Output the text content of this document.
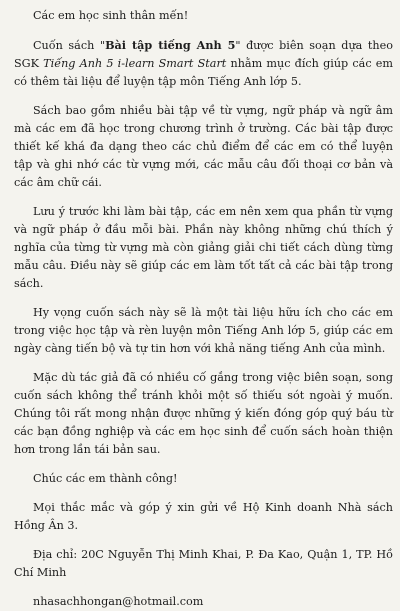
Các em học sinh thân mến!

Cuốn sách "Bài tập tiếng Anh 5" được biên soạn dựa theo SGK Tiếng Anh 5 i-learn Smart Start nhằm mục đích giúp các em có thêm tài liệu để luyện tập môn Tiếng Anh lớp 5.

Sách bao gồm nhiều bài tập về từ vựng, ngữ pháp và ngữ âm mà các em đã học trong chương trình ở trường. Các bài tập được thiết kế khá đa dạng theo các chủ điểm để các em có thể luyện tập và ghi nhớ các từ vựng mới, các mẫu câu đối thoại cơ bản và các âm chữ cái.

Lưu ý trước khi làm bài tập, các em nên xem qua phần từ vựng và ngữ pháp ở đầu mỗi bài. Phần này không những chú thích ý nghĩa của từng từ vựng mà còn giảng giải chi tiết cách dùng từng mẫu câu. Điều này sẽ giúp các em làm tốt tất cả các bài tập trong sách.

Hy vọng cuốn sách này sẽ là một tài liệu hữu ích cho các em trong việc học tập và rèn luyện môn Tiếng Anh lớp 5, giúp các em ngày càng tiến bộ và tự tin hơn với khả năng tiếng Anh của mình.

Mặc dù tác giả đã có nhiều cố gắng trong việc biên soạn, song cuốn sách không thể tránh khỏi một số thiếu sót ngoài ý muốn. Chúng tôi rất mong nhận được những ý kiến đóng góp quý báu từ các bạn đồng nghiệp và các em học sinh để cuốn sách hoàn thiện hơn trong lần tái bản sau.

Chúc các em thành công!

Mọi thắc mắc và góp ý xin gửi về Hộ Kinh doanh Nhà sách Hồng Ân 3.

Địa chỉ: 20C Nguyễn Thị Minh Khai, P. Đa Kao, Quận 1, TP. Hồ Chí Minh

nhasachhongan@hotmail.com
